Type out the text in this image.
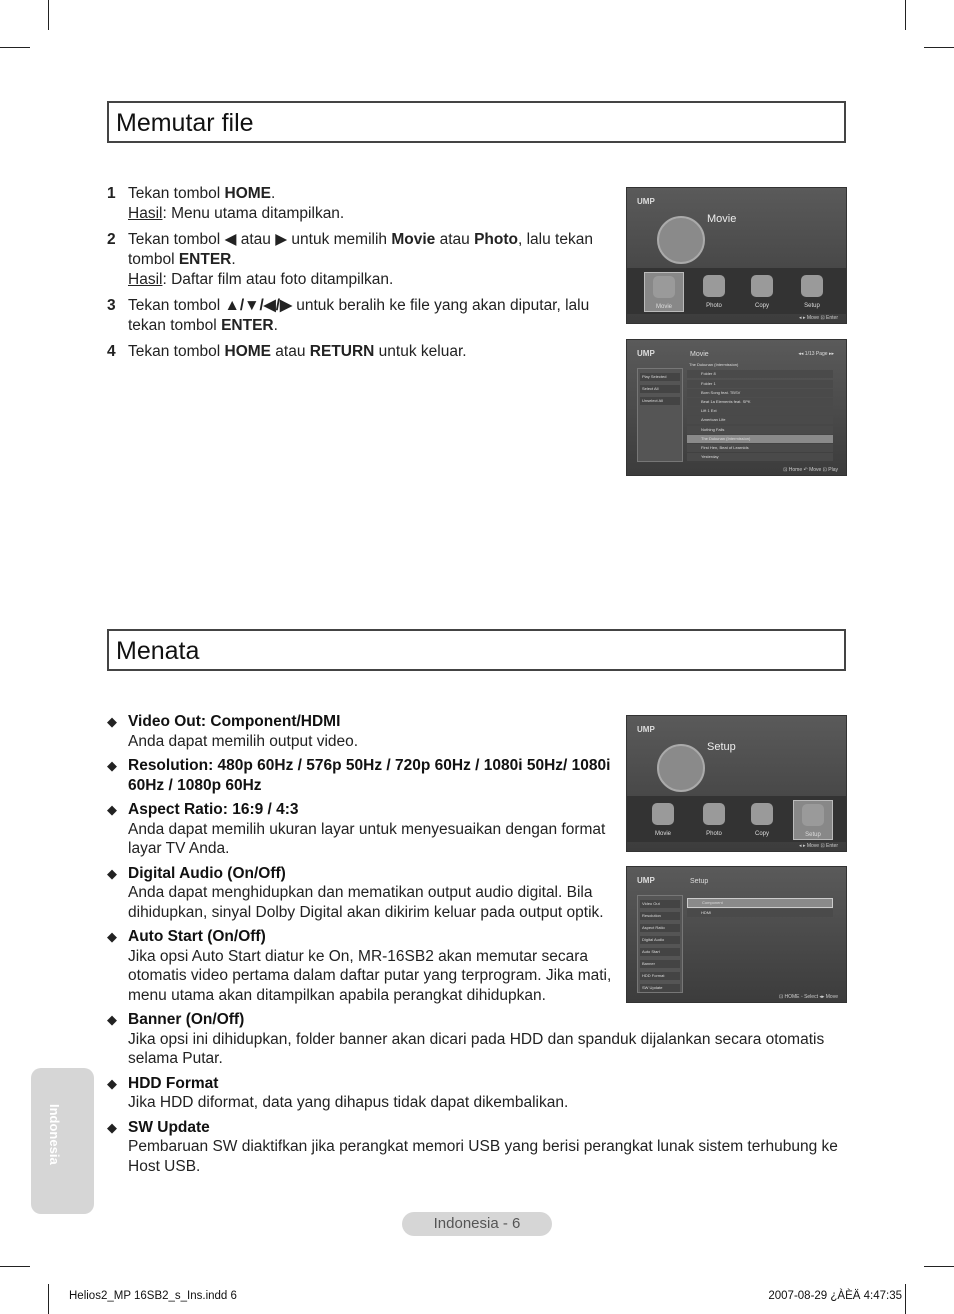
Memutar file
1 Tekan tombol HOME.
Hasil: Menu utama ditampilkan.
2 Tekan tombol ◀ atau ▶ untuk memilih Movie atau Photo, lalu tekan tombol ENTER.
Hasil: Daftar film atau foto ditampilkan.
3 Tekan tombol ▲/▼/◀/▶ untuk beralih ke file yang akan diputar, lalu tekan tombol ENTER.
4 Tekan tombol HOME atau RETURN untuk keluar.
UMP
Movie
Movie	Photo	Copy	Setup
◂ ▸ Move ⊡ Enter
UMP	Movie	◂◂ 1/13 Page ▸▸
Play Selected
Select All
Unselect All
The Dukunan (Intermission)
Folder 8
Folder 1
Born Song feat. TBSV
Beat 1a Elements feat. SPK
Lift 1 Ext
American Life
Nothing Falls
The Dukunan (Intermission)
First Hen, Beat of Learnids
Yesterday
⊡ Home ↶ Move ⊡ Play
Menata
◆ Video Out: Component/HDMI
Anda dapat memilih output video.
◆ Resolution: 480p 60Hz / 576p 50Hz / 720p 60Hz / 1080i 50Hz/ 1080i 60Hz / 1080p 60Hz
◆ Aspect Ratio: 16:9 / 4:3
Anda dapat memilih ukuran layar untuk menyesuaikan dengan format layar TV Anda.
◆ Digital Audio (On/Off)
Anda dapat menghidupkan dan mematikan output audio digital. Bila dihidupkan, sinyal Dolby Digital akan dikirim keluar pada output optik.
◆ Auto Start (On/Off)
Jika opsi Auto Start diatur ke On, MR-16SB2 akan memutar secara otomatis video pertama dalam daftar putar yang terprogram. Jika mati, menu utama akan ditampilkan apabila perangkat dihidupkan.
◆ Banner (On/Off)
Jika opsi ini dihidupkan, folder banner akan dicari pada HDD dan spanduk dijalankan secara otomatis selama Putar.
◆ HDD Format
Jika HDD diformat, data yang dihapus tidak dapat dikembalikan.
◆ SW Update
Pembaruan SW diaktifkan jika perangkat memori USB yang berisi perangkat lunak sistem terhubung ke Host USB.
UMP
Setup
Movie	Photo	Copy	Setup
◂ ▸ Move ⊡ Enter
UMP	Setup
Video Out
Resolution
Aspect Ratio
Digital Audio
Auto Start
Banner
HDD Format
SW Update
Component
HDMI
⊡ HOME ◦ Select ◂▸ Move
Indonesia
Indonesia - 6
Helios2_MP 16SB2_s_Ins.indd 6	2007-08-29 ¿ÀÈÄ 4:47:35
